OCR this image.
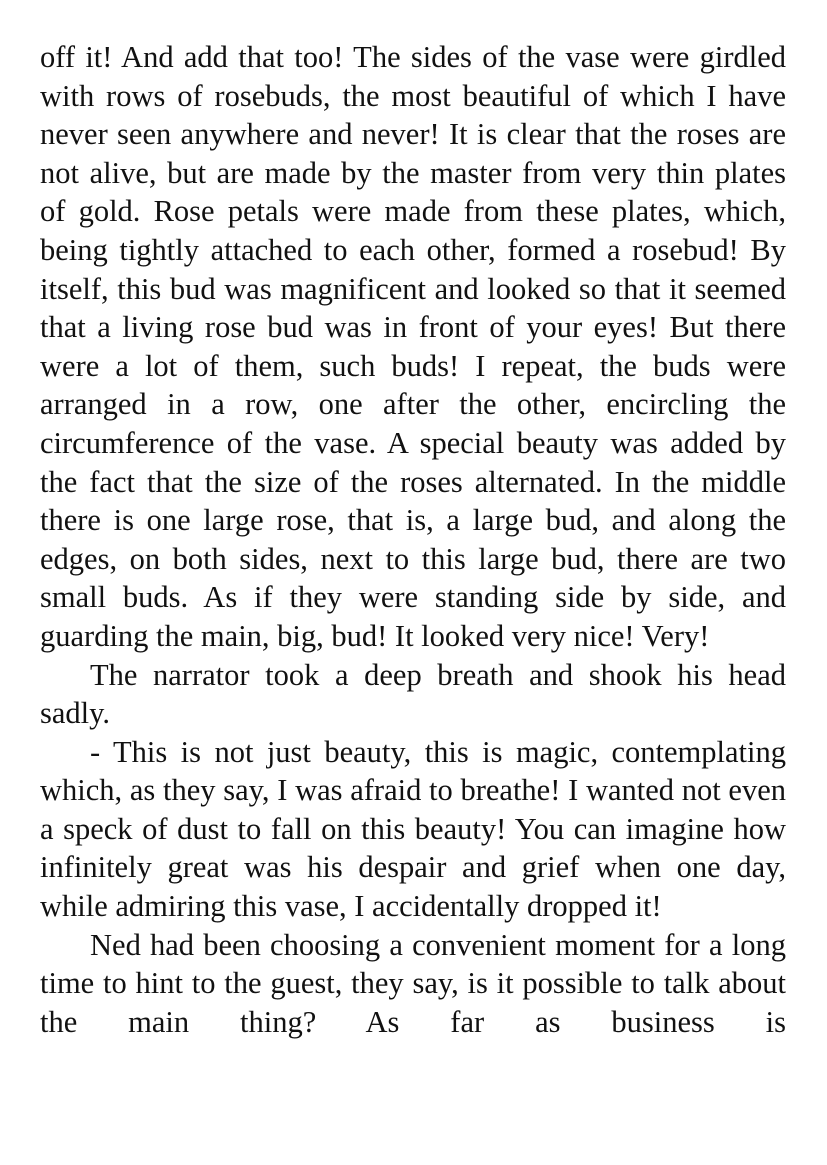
off it! And add that too! The sides of the vase were girdled with rows of rosebuds, the most beautiful of which I have never seen anywhere and never! It is clear that the roses are not alive, but are made by the master from very thin plates of gold. Rose petals were made from these plates, which, being tightly attached to each other, formed a rosebud! By itself, this bud was magnificent and looked so that it seemed that a living rose bud was in front of your eyes! But there were a lot of them, such buds! I repeat, the buds were arranged in a row, one after the other, encircling the circumference of the vase. A special beauty was added by the fact that the size of the roses alternated. In the middle there is one large rose, that is, a large bud, and along the edges, on both sides, next to this large bud, there are two small buds. As if they were standing side by side, and guarding the main, big, bud! It looked very nice! Very!

The narrator took a deep breath and shook his head sadly.

- This is not just beauty, this is magic, contemplating which, as they say, I was afraid to breathe! I wanted not even a speck of dust to fall on this beauty! You can imagine how infinitely great was his despair and grief when one day, while admiring this vase, I accidentally dropped it!

Ned had been choosing a convenient moment for a long time to hint to the guest, they say, is it possible to talk about the main thing? As far as business is
